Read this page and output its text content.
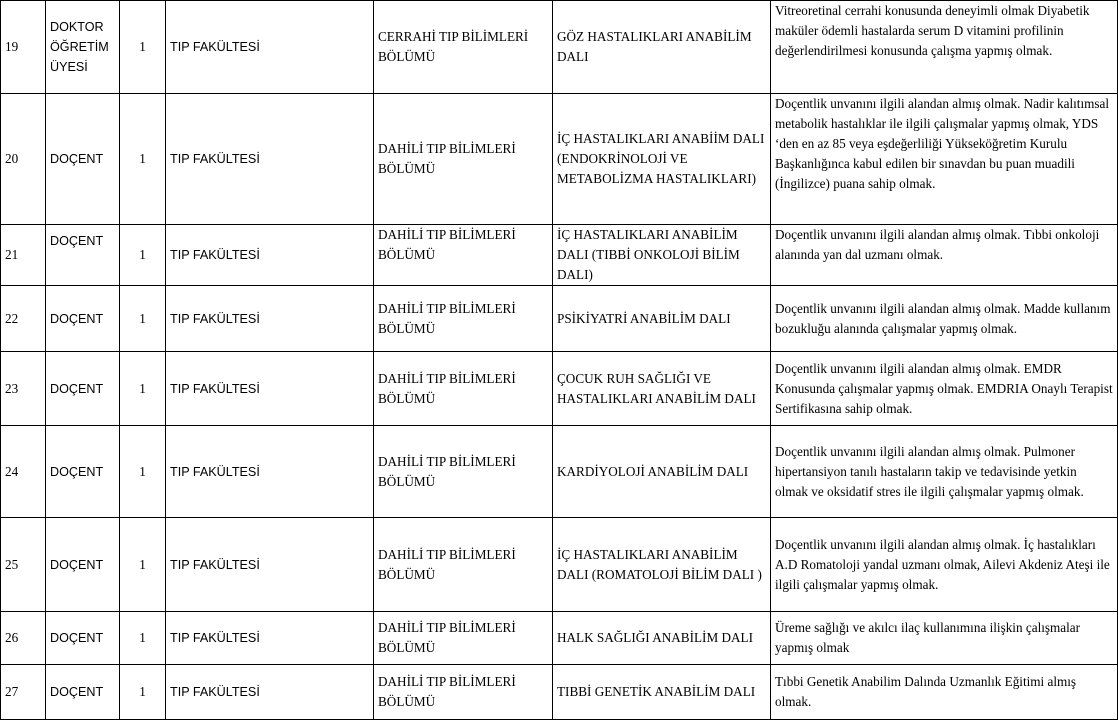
19	DOKTOR ÖĞRETİM ÜYESİ	1	TIP FAKÜLTESİ	CERRAHİ TIP BİLİMLERİ BÖLÜMÜ	GÖZ HASTALIKLARI ANABİLİM DALI	Vitreoretinal cerrahi konusunda deneyimli olmak Diyabetik maküler ödemli hastalarda serum D vitamini profilinin değerlendirilmesi konusunda çalışma yapmış olmak.
20	DOÇENT	1	TIP FAKÜLTESİ	DAHİLİ TIP BİLİMLERİ BÖLÜMÜ	İÇ HASTALIKLARI ANABİİM DALI (ENDOKRİNOLOJİ VE METABOLİZMA HASTALIKLARI)	Doçentlik unvanını ilgili alandan almış olmak. Nadir kalıtımsal metabolik hastalıklar ile ilgili çalışmalar yapmış olmak, YDS ‘den en az 85 veya eşdeğerliliği Yükseköğretim Kurulu Başkanlığınca kabul edilen bir sınavdan bu puan muadili (İngilizce) puana sahip olmak.
21	DOÇENT	1	TIP FAKÜLTESİ	DAHİLİ TIP BİLİMLERİ BÖLÜMÜ	İÇ HASTALIKLARI ANABİLİM DALI (TIBBİ ONKOLOJİ BİLİM DALI)	Doçentlik unvanını ilgili alandan almış olmak. Tıbbi onkoloji alanında yan dal uzmanı olmak.
22	DOÇENT	1	TIP FAKÜLTESİ	DAHİLİ TIP BİLİMLERİ BÖLÜMÜ	PSİKİYATRİ ANABİLİM DALI	Doçentlik unvanını ilgili alandan almış olmak. Madde kullanım bozukluğu alanında çalışmalar yapmış olmak.
23	DOÇENT	1	TIP FAKÜLTESİ	DAHİLİ TIP BİLİMLERİ BÖLÜMÜ	ÇOCUK RUH SAĞLIĞI VE HASTALIKLARI ANABİLİM DALI	Doçentlik unvanını ilgili alandan almış olmak. EMDR Konusunda çalışmalar yapmış olmak. EMDRIA Onaylı Terapist Sertifikasına sahip olmak.
24	DOÇENT	1	TIP FAKÜLTESİ	DAHİLİ TIP BİLİMLERİ BÖLÜMÜ	KARDİYOLOJİ ANABİLİM DALI	Doçentlik unvanını ilgili alandan almış olmak. Pulmoner hipertansiyon tanılı hastaların takip ve tedavisinde yetkin olmak ve oksidatif stres ile ilgili çalışmalar yapmış olmak.
25	DOÇENT	1	TIP FAKÜLTESİ	DAHİLİ TIP BİLİMLERİ BÖLÜMÜ	İÇ HASTALIKLARI ANABİLİM DALI (ROMATOLOJİ BİLİM DALI )	Doçentlik unvanını ilgili alandan almış olmak. İç hastalıkları A.D Romatoloji yandal uzmanı olmak, Ailevi Akdeniz Ateşi ile ilgili çalışmalar yapmış olmak.
26	DOÇENT	1	TIP FAKÜLTESİ	DAHİLİ TIP BİLİMLERİ BÖLÜMÜ	HALK SAĞLIĞI ANABİLİM DALI	Üreme sağlığı ve akılcı ilaç kullanımına ilişkin çalışmalar yapmış olmak
27	DOÇENT	1	TIP FAKÜLTESİ	DAHİLİ TIP BİLİMLERİ BÖLÜMÜ	TIBBİ GENETİK ANABİLİM DALI	Tıbbi Genetik Anabilim Dalında Uzmanlık Eğitimi almış olmak.
